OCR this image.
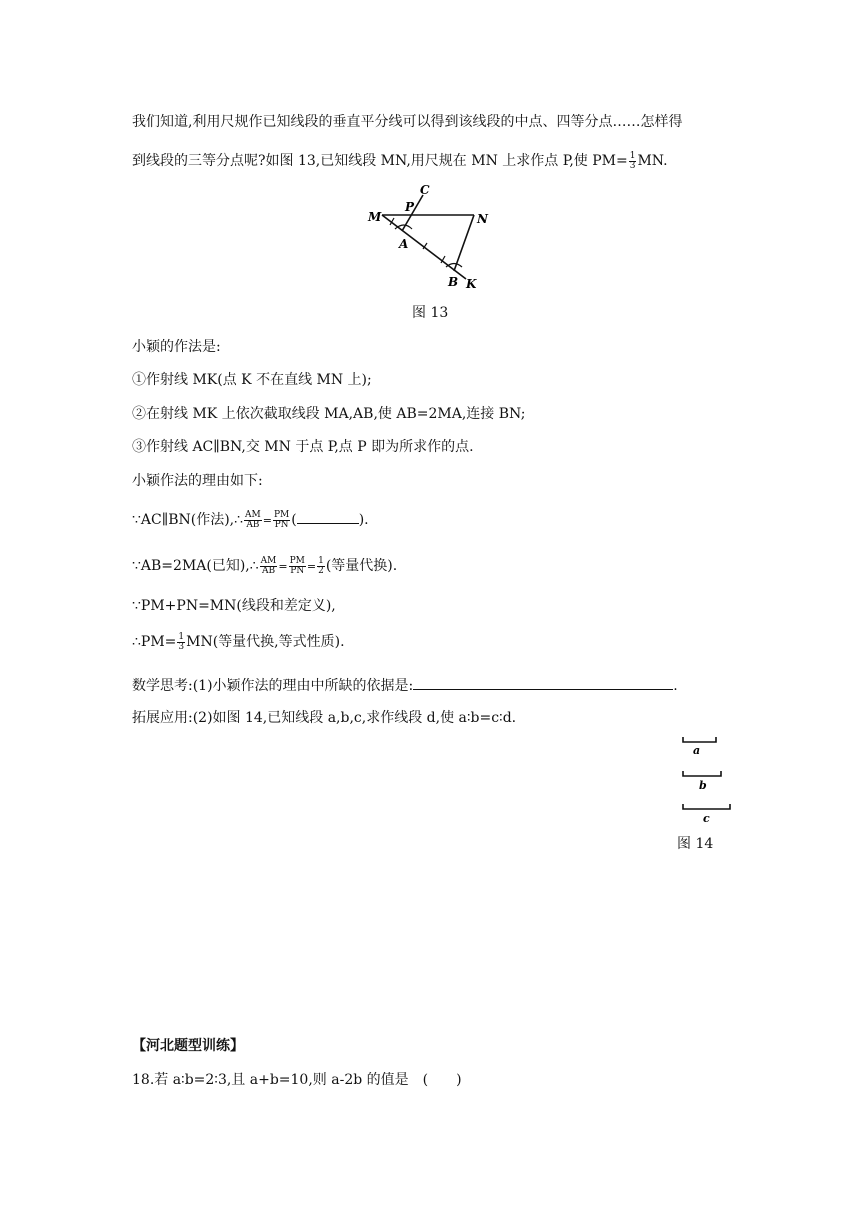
我们知道,利用尺规作已知线段的垂直平分线可以得到该线段的中点、四等分点……怎样得
到线段的三等分点呢?如图 13,已知线段 MN,用尺规在 MN 上求作点 P,使 $PM= \frac{1}{3}$ MN.
C
P
M	N
A
B K
图 13
小颖的作法是:
①作射线 MK(点 K 不在直线 MN 上);
②在射线 MK 上依次截取线段 MA,AB,使 AB=2MA,连接 BN;
③作射线 AC∥BN,交 MN 于点 P,点 P 即为所求作的点.
小颖作法的理由如下:
∵AC∥BN(作法),∴ $\frac{AM}{AB} = \frac{PM}{PN}$ (	).
∵AB=2MA(已知),∴ $\frac{AM}{AB} = \frac{PM}{PN} = \frac{1}{2}$ (等量代换).
∵PM+PN=MN(线段和差定义),
∴PM= $\frac{1}{3} MN$(等量代换,等式性质).
数学思考:(1)小颖作法的理由中所缺的依据是:	.
拓展应用:(2)如图 14,已知线段 a,b,c,求作线段 d,使 a∶b=c∶d.
a
b
c
图 14
【河北题型训练】
18.若 a∶b=2∶3,且 a+b=10,则 a-2b 的值是　(　　)
